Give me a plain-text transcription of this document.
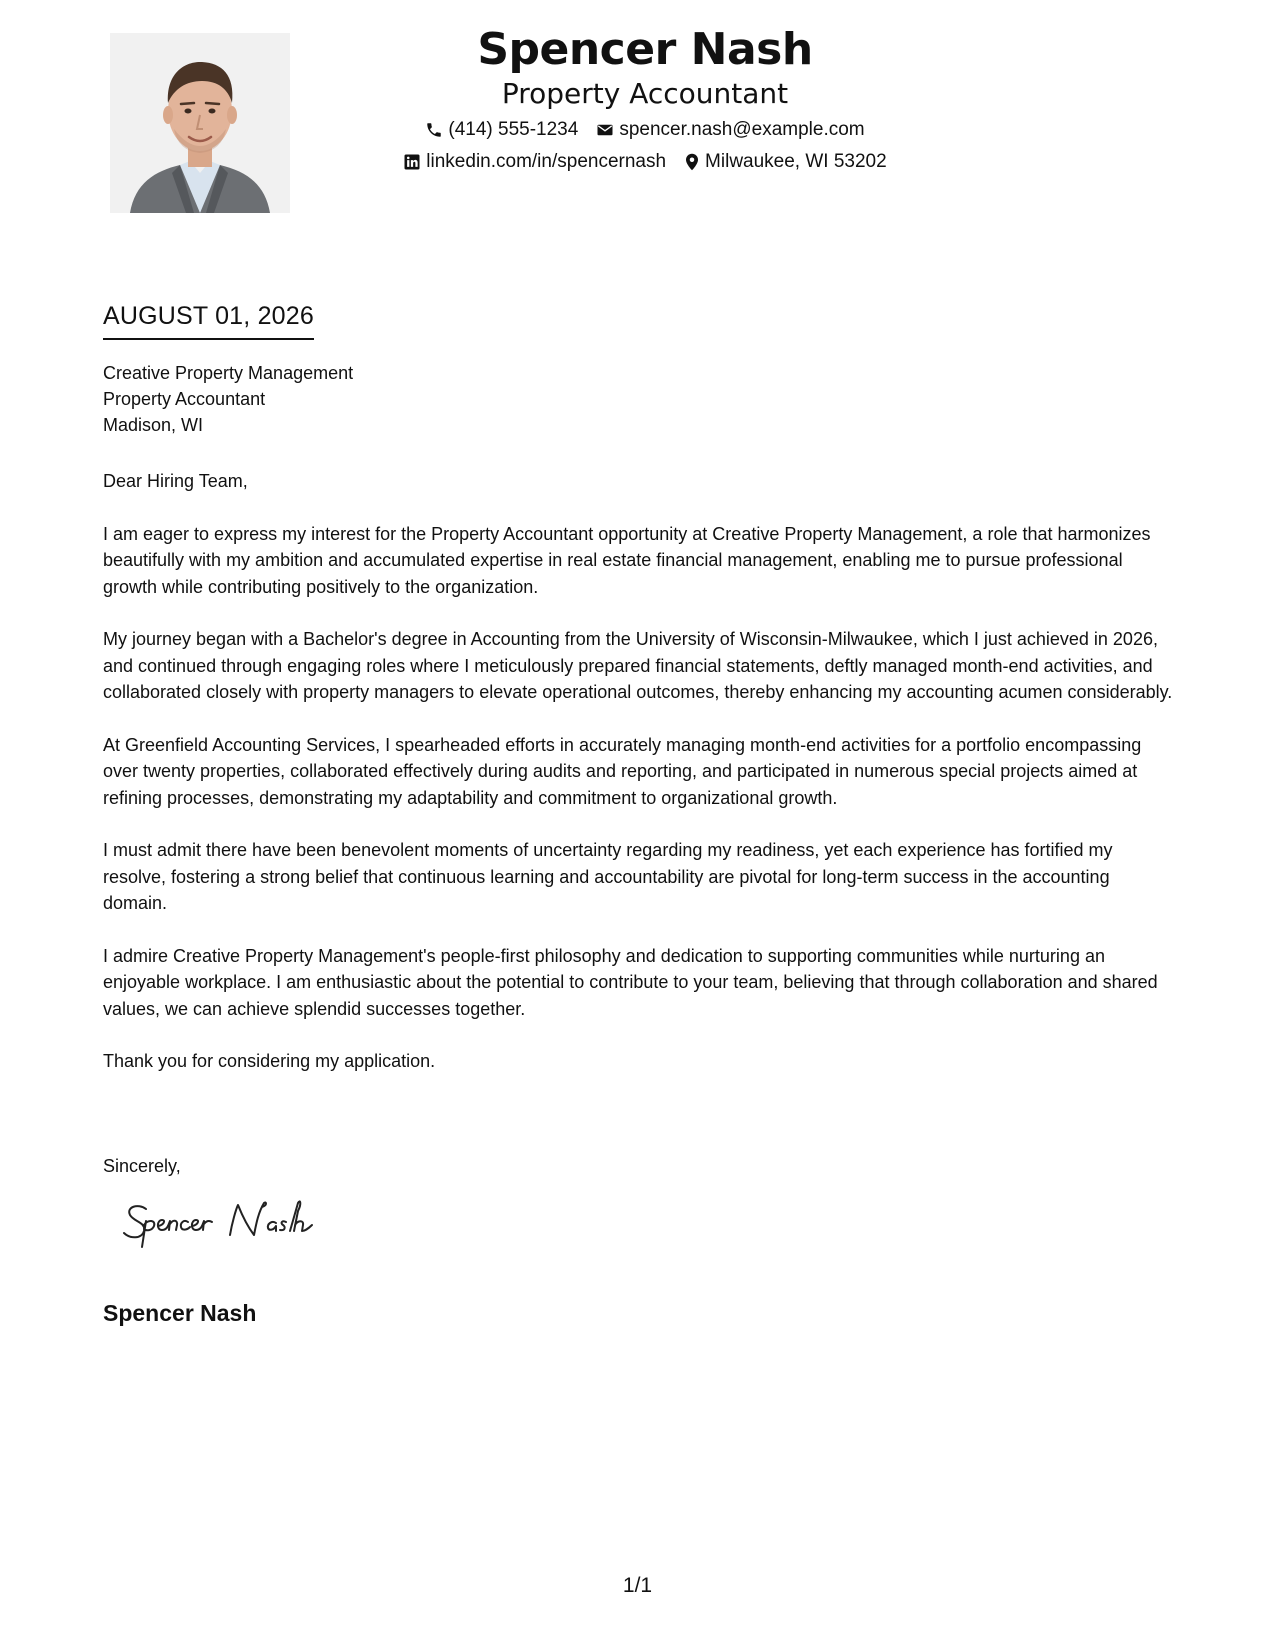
Spencer Nash
Property Accountant
(414) 555-1234 spencer.nash@example.com
linkedin.com/in/spencernash Milwaukee, WI 53202
AUGUST 01, 2026
Creative Property Management
Property Accountant
Madison, WI

Dear Hiring Team,

I am eager to express my interest for the Property Accountant opportunity at Creative Property Management, a role that harmonizes beautifully with my ambition and accumulated expertise in real estate financial management, enabling me to pursue professional growth while contributing positively to the organization.

My journey began with a Bachelor's degree in Accounting from the University of Wisconsin-Milwaukee, which I just achieved in 2026, and continued through engaging roles where I meticulously prepared financial statements, deftly managed month-end activities, and collaborated closely with property managers to elevate operational outcomes, thereby enhancing my accounting acumen considerably.

At Greenfield Accounting Services, I spearheaded efforts in accurately managing month-end activities for a portfolio encompassing over twenty properties, collaborated effectively during audits and reporting, and participated in numerous special projects aimed at refining processes, demonstrating my adaptability and commitment to organizational growth.

I must admit there have been benevolent moments of uncertainty regarding my readiness, yet each experience has fortified my resolve, fostering a strong belief that continuous learning and accountability are pivotal for long-term success in the accounting domain.

I admire Creative Property Management's people-first philosophy and dedication to supporting communities while nurturing an enjoyable workplace. I am enthusiastic about the potential to contribute to your team, believing that through collaboration and shared values, we can achieve splendid successes together.

Thank you for considering my application.

Sincerely,
Spencer Nash
1/1
